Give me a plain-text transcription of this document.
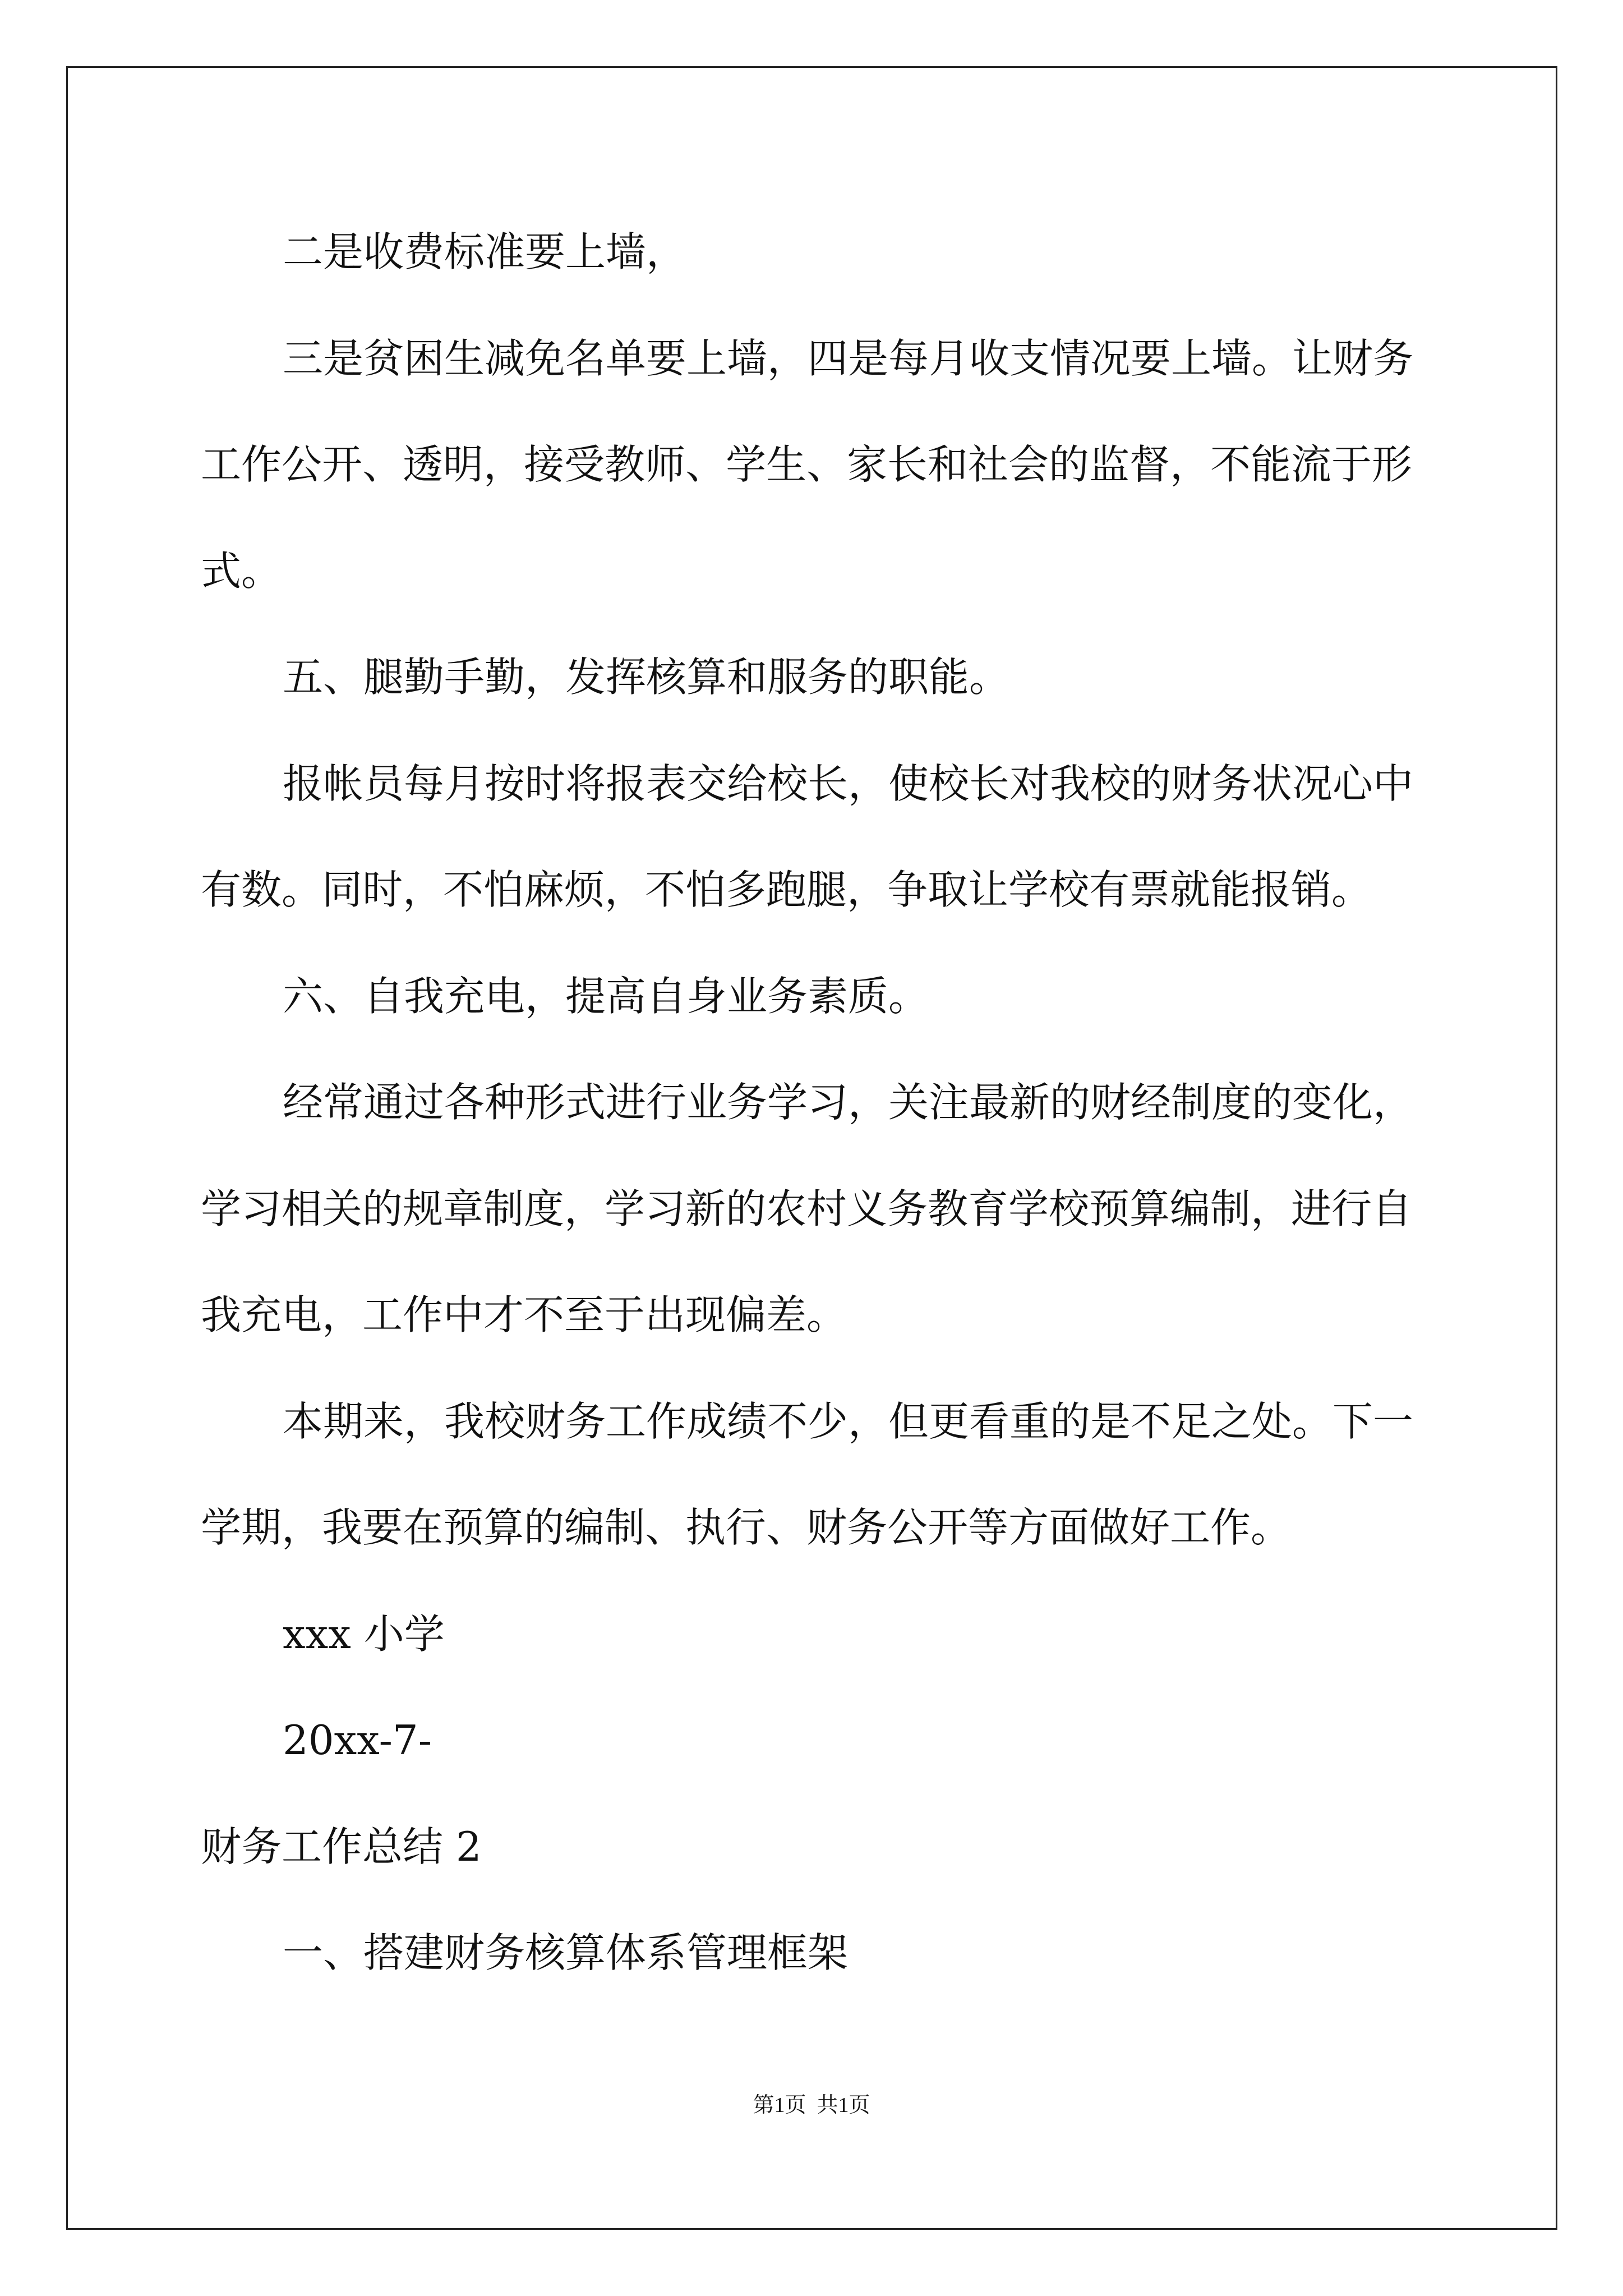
二是收费标准要上墙，
三是贫困生减免名单要上墙，四是每月收支情况要上墙。让财务
工作公开、透明，接受教师、学生、家长和社会的监督，不能流于形
式。
五、腿勤手勤，发挥核算和服务的职能。
报帐员每月按时将报表交给校长，使校长对我校的财务状况心中
有数。同时，不怕麻烦，不怕多跑腿，争取让学校有票就能报销。
六、自我充电，提高自身业务素质。
经常通过各种形式进行业务学习，关注最新的财经制度的变化，
学习相关的规章制度，学习新的农村义务教育学校预算编制，进行自
我充电，工作中才不至于出现偏差。
本期来，我校财务工作成绩不少，但更看重的是不足之处。下一
学期，我要在预算的编制、执行、财务公开等方面做好工作。
xxx 小学
20xx-7-
财务工作总结 2
一、搭建财务核算体系管理框架
第1页  共1页
